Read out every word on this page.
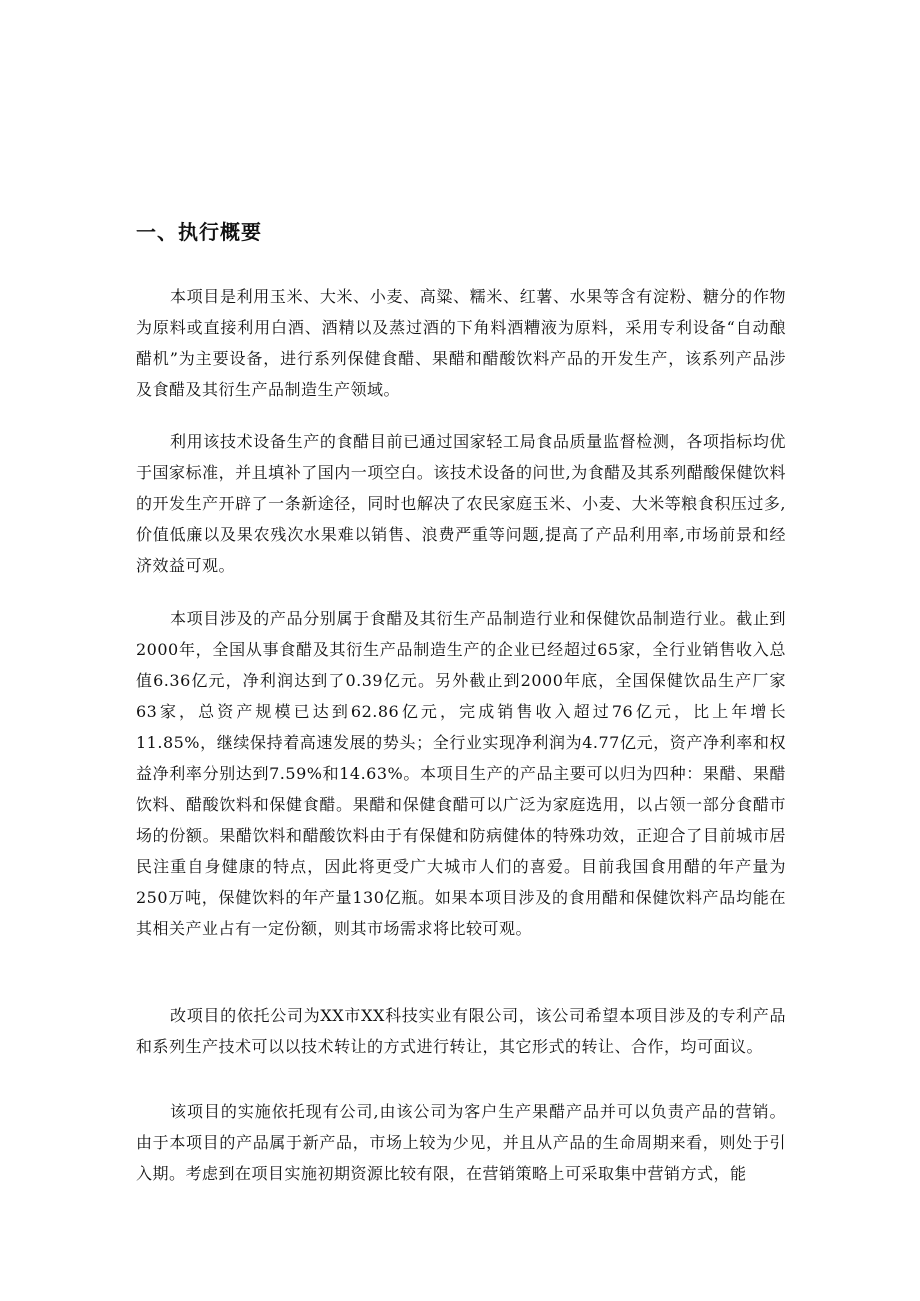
一、执行概要

本项目是利用玉米、大米、小麦、高粱、糯米、红薯、水果等含有淀粉、糖分的作物为原料或直接利用白酒、酒精以及蒸过酒的下角料酒糟液为原料，采用专利设备“自动酿醋机”为主要设备，进行系列保健食醋、果醋和醋酸饮料产品的开发生产，该系列产品涉及食醋及其衍生产品制造生产领域。

利用该技术设备生产的食醋目前已通过国家轻工局食品质量监督检测，各项指标均优于国家标准，并且填补了国内一项空白。该技术设备的问世,为食醋及其系列醋酸保健饮料的开发生产开辟了一条新途径，同时也解决了农民家庭玉米、小麦、大米等粮食积压过多,价值低廉以及果农残次水果难以销售、浪费严重等问题,提高了产品利用率,市场前景和经济效益可观。

本项目涉及的产品分别属于食醋及其衍生产品制造行业和保健饮品制造行业。截止到2000年，全国从事食醋及其衍生产品制造生产的企业已经超过65家，全行业销售收入总值6.36亿元，净利润达到了0.39亿元。另外截止到2000年底，全国保健饮品生产厂家63家，总资产规模已达到62.86亿元，完成销售收入超过76亿元，比上年增长11.85%，继续保持着高速发展的势头；全行业实现净利润为4.77亿元，资产净利率和权益净利率分别达到7.59%和14.63%。本项目生产的产品主要可以归为四种：果醋、果醋饮料、醋酸饮料和保健食醋。果醋和保健食醋可以广泛为家庭选用，以占领一部分食醋市场的份额。果醋饮料和醋酸饮料由于有保健和防病健体的特殊功效，正迎合了目前城市居民注重自身健康的特点，因此将更受广大城市人们的喜爱。目前我国食用醋的年产量为250万吨，保健饮料的年产量130亿瓶。如果本项目涉及的食用醋和保健饮料产品均能在其相关产业占有一定份额，则其市场需求将比较可观。

改项目的依托公司为XX市XX科技实业有限公司，该公司希望本项目涉及的专利产品和系列生产技术可以以技术转让的方式进行转让，其它形式的转让、合作，均可面议。

该项目的实施依托现有公司,由该公司为客户生产果醋产品并可以负责产品的营销。由于本项目的产品属于新产品，市场上较为少见，并且从产品的生命周期来看，则处于引入期。考虑到在项目实施初期资源比较有限，在营销策略上可采取集中营销方式，能
